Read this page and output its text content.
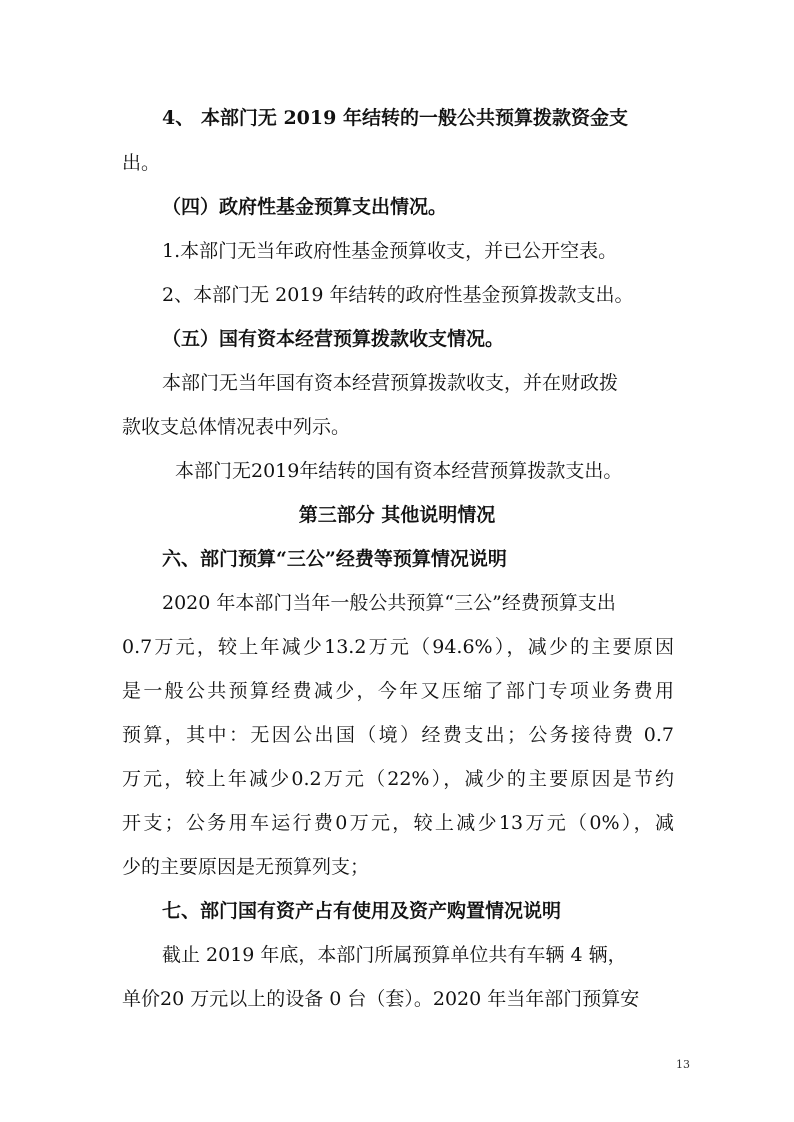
4、 本部门无 2019 年结转的一般公共预算拨款资金支

出。

（四）政府性基金预算支出情况。

1.本部门无当年政府性基金预算收支，并已公开空表。

2、本部门无 2019 年结转的政府性基金预算拨款支出。

（五）国有资本经营预算拨款收支情况。

本部门无当年国有资本经营预算拨款收支，并在财政拨

款收支总体情况表中列示。

本部门无2019年结转的国有资本经营预算拨款支出。

第三部分 其他说明情况

六、部门预算“三公”经费等预算情况说明

2020 年本部门当年一般公共预算“三公”经费预算支出

0.7万元，较上年减少13.2万元（94.6%），减少的主要原因

是一般公共预算经费减少，今年又压缩了部门专项业务费用

预算，其中：无因公出国（境）经费支出；公务接待费 0.7

万元，较上年减少0.2万元（22%），减少的主要原因是节约

开支；公务用车运行费0万元，较上减少13万元（0%），减

少的主要原因是无预算列支；

七、部门国有资产占有使用及资产购置情况说明

截止 2019 年底，本部门所属预算单位共有车辆 4 辆，

单价20 万元以上的设备 0 台（套）。2020 年当年部门预算安

13
